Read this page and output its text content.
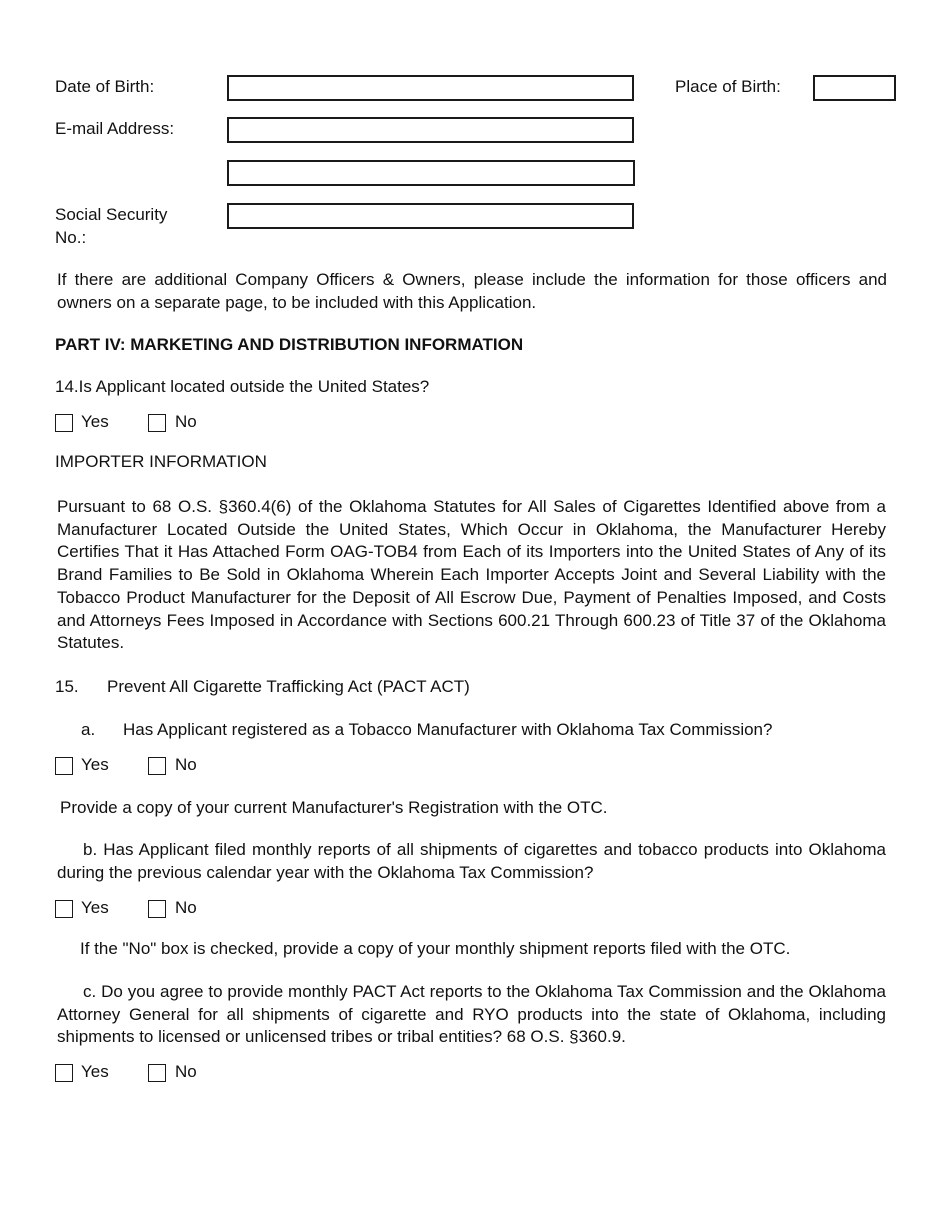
Date of Birth:	Place of Birth:
E-mail Address:
Social Security
No.:
If there are additional Company Officers & Owners, please include the information for those officers and owners on a separate page, to be included with this Application.
PART IV: MARKETING AND DISTRIBUTION INFORMATION
14.Is Applicant located outside the United States?
Yes	No
IMPORTER INFORMATION
Pursuant to 68 O.S. §360.4(6) of the Oklahoma Statutes for All Sales of Cigarettes Identified above from a Manufacturer Located Outside the United States, Which Occur in Oklahoma, the Manufacturer Hereby Certifies That it Has Attached Form OAG-TOB4 from Each of its Importers into the United States of Any of its Brand Families to Be Sold in Oklahoma Wherein Each Importer Accepts Joint and Several Liability with the Tobacco Product Manufacturer for the Deposit of All Escrow Due, Payment of Penalties Imposed, and Costs and Attorneys Fees Imposed in Accordance with Sections 600.21 Through 600.23 of Title 37 of the Oklahoma Statutes.
15. Prevent All Cigarette Trafficking Act (PACT ACT)
a. Has Applicant registered as a Tobacco Manufacturer with Oklahoma Tax Commission?
Yes	No
Provide a copy of your current Manufacturer's Registration with the OTC.
b. Has Applicant filed monthly reports of all shipments of cigarettes and tobacco products into Oklahoma during the previous calendar year with the Oklahoma Tax Commission?
Yes	No
If the "No" box is checked, provide a copy of your monthly shipment reports filed with the OTC.
c. Do you agree to provide monthly PACT Act reports to the Oklahoma Tax Commission and the Oklahoma Attorney General for all shipments of cigarette and RYO products into the state of Oklahoma, including shipments to licensed or unlicensed tribes or tribal entities? 68 O.S. §360.9.
Yes	No
